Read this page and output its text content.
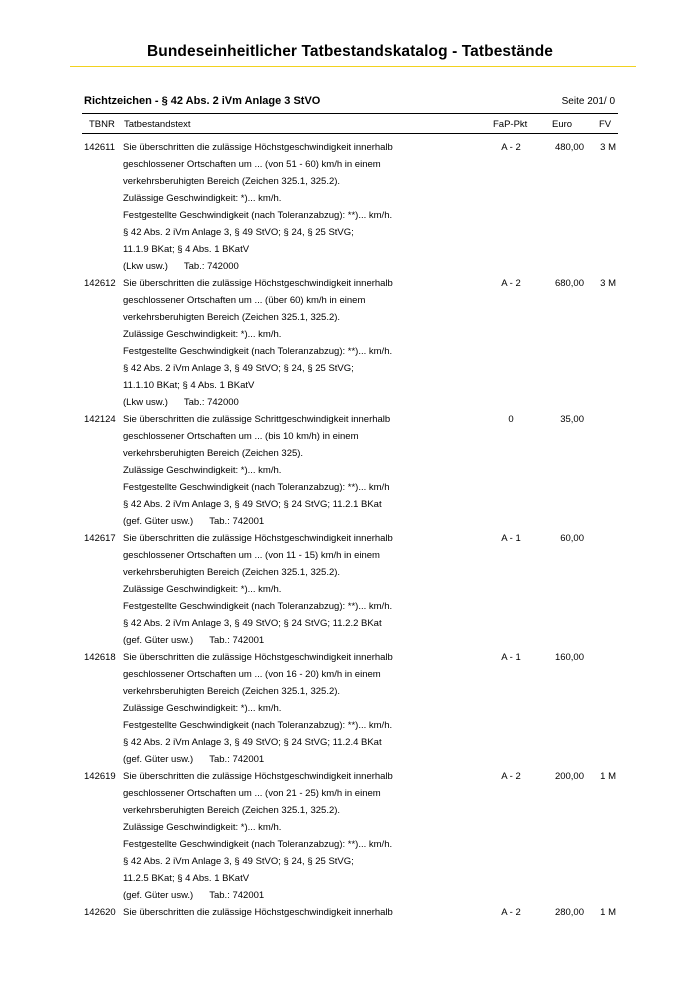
Bundeseinheitlicher Tatbestandskatalog - Tatbestände
Richtzeichen - § 42 Abs. 2 iVm Anlage 3 StVO	Seite 201/ 0
TBNR Tatbestandstext	FaP-Pkt	Euro	FV
142611	A - 2	480,00 3 M
Sie überschritten die zulässige Höchstgeschwindigkeit innerhalb
geschlossener Ortschaften um ... (von 51 - 60) km/h in einem
verkehrsberuhigten Bereich (Zeichen 325.1, 325.2).
Zulässige Geschwindigkeit: *)... km/h.
Festgestellte Geschwindigkeit (nach Toleranzabzug): **)... km/h.
§ 42 Abs. 2 iVm Anlage 3, § 49 StVO; § 24, § 25 StVG;
11.1.9 BKat; § 4 Abs. 1 BKatV
(Lkw usw.) Tab.: 742000
142612	A - 2	680,00 3 M
Sie überschritten die zulässige Höchstgeschwindigkeit innerhalb
geschlossener Ortschaften um ... (über 60) km/h in einem
verkehrsberuhigten Bereich (Zeichen 325.1, 325.2).
Zulässige Geschwindigkeit: *)... km/h.
Festgestellte Geschwindigkeit (nach Toleranzabzug): **)... km/h.
§ 42 Abs. 2 iVm Anlage 3, § 49 StVO; § 24, § 25 StVG;
11.1.10 BKat; § 4 Abs. 1 BKatV
(Lkw usw.) Tab.: 742000
142124	0	35,00
Sie überschritten die zulässige Schrittgeschwindigkeit innerhalb
geschlossener Ortschaften um ... (bis 10 km/h) in einem
verkehrsberuhigten Bereich (Zeichen 325).
Zulässige Geschwindigkeit: *)... km/h.
Festgestellte Geschwindigkeit (nach Toleranzabzug): **)... km/h
§ 42 Abs. 2 iVm Anlage 3, § 49 StVO; § 24 StVG; 11.2.1 BKat
(gef. Güter usw.) Tab.: 742001
142617	A - 1	60,00
Sie überschritten die zulässige Höchstgeschwindigkeit innerhalb
geschlossener Ortschaften um ... (von 11 - 15) km/h in einem
verkehrsberuhigten Bereich (Zeichen 325.1, 325.2).
Zulässige Geschwindigkeit: *)... km/h.
Festgestellte Geschwindigkeit (nach Toleranzabzug): **)... km/h.
§ 42 Abs. 2 iVm Anlage 3, § 49 StVO; § 24 StVG; 11.2.2 BKat
(gef. Güter usw.) Tab.: 742001
142618	A - 1	160,00
Sie überschritten die zulässige Höchstgeschwindigkeit innerhalb
geschlossener Ortschaften um ... (von 16 - 20) km/h in einem
verkehrsberuhigten Bereich (Zeichen 325.1, 325.2).
Zulässige Geschwindigkeit: *)... km/h.
Festgestellte Geschwindigkeit (nach Toleranzabzug): **)... km/h.
§ 42 Abs. 2 iVm Anlage 3, § 49 StVO; § 24 StVG; 11.2.4 BKat
(gef. Güter usw.) Tab.: 742001
142619	A - 2	200,00 1 M
Sie überschritten die zulässige Höchstgeschwindigkeit innerhalb
geschlossener Ortschaften um ... (von 21 - 25) km/h in einem
verkehrsberuhigten Bereich (Zeichen 325.1, 325.2).
Zulässige Geschwindigkeit: *)... km/h.
Festgestellte Geschwindigkeit (nach Toleranzabzug): **)... km/h.
§ 42 Abs. 2 iVm Anlage 3, § 49 StVO; § 24, § 25 StVG;
11.2.5 BKat; § 4 Abs. 1 BKatV
(gef. Güter usw.) Tab.: 742001
142620	A - 2	280,00 1 M
Sie überschritten die zulässige Höchstgeschwindigkeit innerhalb
